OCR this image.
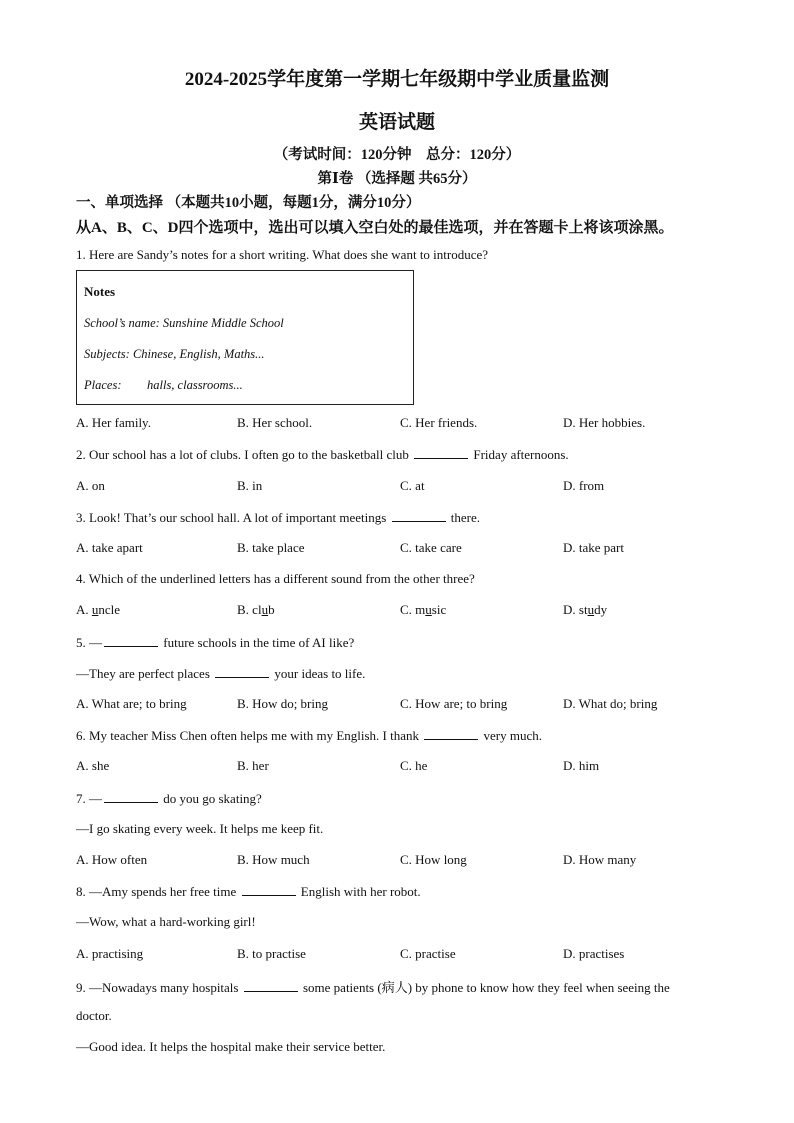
2024-2025学年度第一学期七年级期中学业质量监测
英语试题
（考试时间：120分钟　总分：120分）
第Ⅰ卷 （选择题 共65分）
一、单项选择 （本题共10小题，每题1分，满分10分）
从A、B、C、D四个选项中，选出可以填入空白处的最佳选项，并在答题卡上将该项涂黑。
1. Here are Sandy’s notes for a short writing. What does she want to introduce?
Notes
School’s name: Sunshine Middle School
Subjects: Chinese, English, Maths...
Places: halls, classrooms...
A. Her family.	B. Her school.	C. Her friends.	D. Her hobbies.
2. Our school has a lot of clubs. I often go to the basketball club	Friday afternoons.
A. on	B. in	C. at	D. from
3. Look! That’s our school hall. A lot of important meetings	there.
A. take apart	B. take place	C. take care	D. take part
4. Which of the underlined letters has a different sound from the other three?
A. uncle	B. club	C. music	D. study
5. —	future schools in the time of AI like?
—They are perfect places	your ideas to life.
A. What are; to bring	B. How do; bring	C. How are; to bring	D. What do; bring
6. My teacher Miss Chen often helps me with my English. I thank	very much.
A. she	B. her	C. he	D. him
7. —	do you go skating?
—I go skating every week. It helps me keep fit.
A. How often	B. How much	C. How long	D. How many
8. —Amy spends her free time	English with her robot.
—Wow, what a hard-working girl!
A. practising	B. to practise	C. practise	D. practises
9. —Nowadays many hospitals	some patients (病人) by phone to know how they feel when seeing the
doctor.
—Good idea. It helps the hospital make their service better.
